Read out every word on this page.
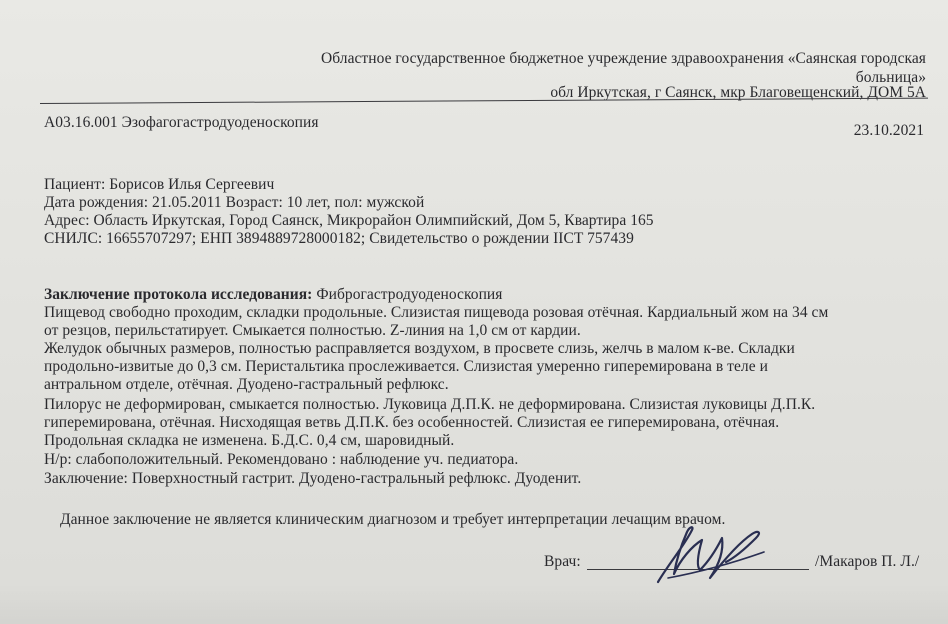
Областное государственное бюджетное учреждение здравоохранения «Саянская городская
больница»
обл Иркутская, г Саянск, мкр Благовещенский, ДОМ 5А
A03.16.001 Эзофагогастродуоденоскопия	23.10.2021
Пациент: Борисов Илья Сергеевич
Дата рождения: 21.05.2011 Возраст: 10 лет, пол: мужской
Адрес: Область Иркутская, Город Саянск, Микрорайон Олимпийский, Дом 5, Квартира 165
СНИЛС: 16655707297; ЕНП 3894889728000182; Свидетельство о рождении IICT 757439
Заключение протокола исследования: Фиброгастродуоденоскопия
Пищевод свободно проходим, складки продольные. Слизистая пищевода розовая отёчная. Кардиальный жом на 34 см
от резцов, перильстатирует. Смыкается полностью. Z-линия на 1,0 см от кардии.
Желудок обычных размеров, полностью расправляется воздухом, в просвете слизь, желчь в малом к-ве. Складки
продольно-извитые до 0,3 см. Перистальтика прослеживается. Слизистая умеренно гиперемирована в теле и
антральном отделе, отёчная. Дуодено-гастральный рефлюкс.
Пилорус не деформирован, смыкается полностью. Луковица Д.П.К. не деформирована. Слизистая луковицы Д.П.К.
гиперемирована, отёчная. Нисходящая ветвь Д.П.К. без особенностей. Слизистая ее гиперемирована, отёчная.
Продольная складка не изменена. Б.Д.С. 0,4 см, шаровидный.
Н/р: слабоположительный. Рекомендовано : наблюдение уч. педиатора.
Заключение: Поверхностный гастрит. Дуодено-гастральный рефлюкс. Дуоденит.
Данное заключение не является клиническим диагнозом и требует интерпретации лечащим врачом.
Врач:	/Макаров П. Л./
